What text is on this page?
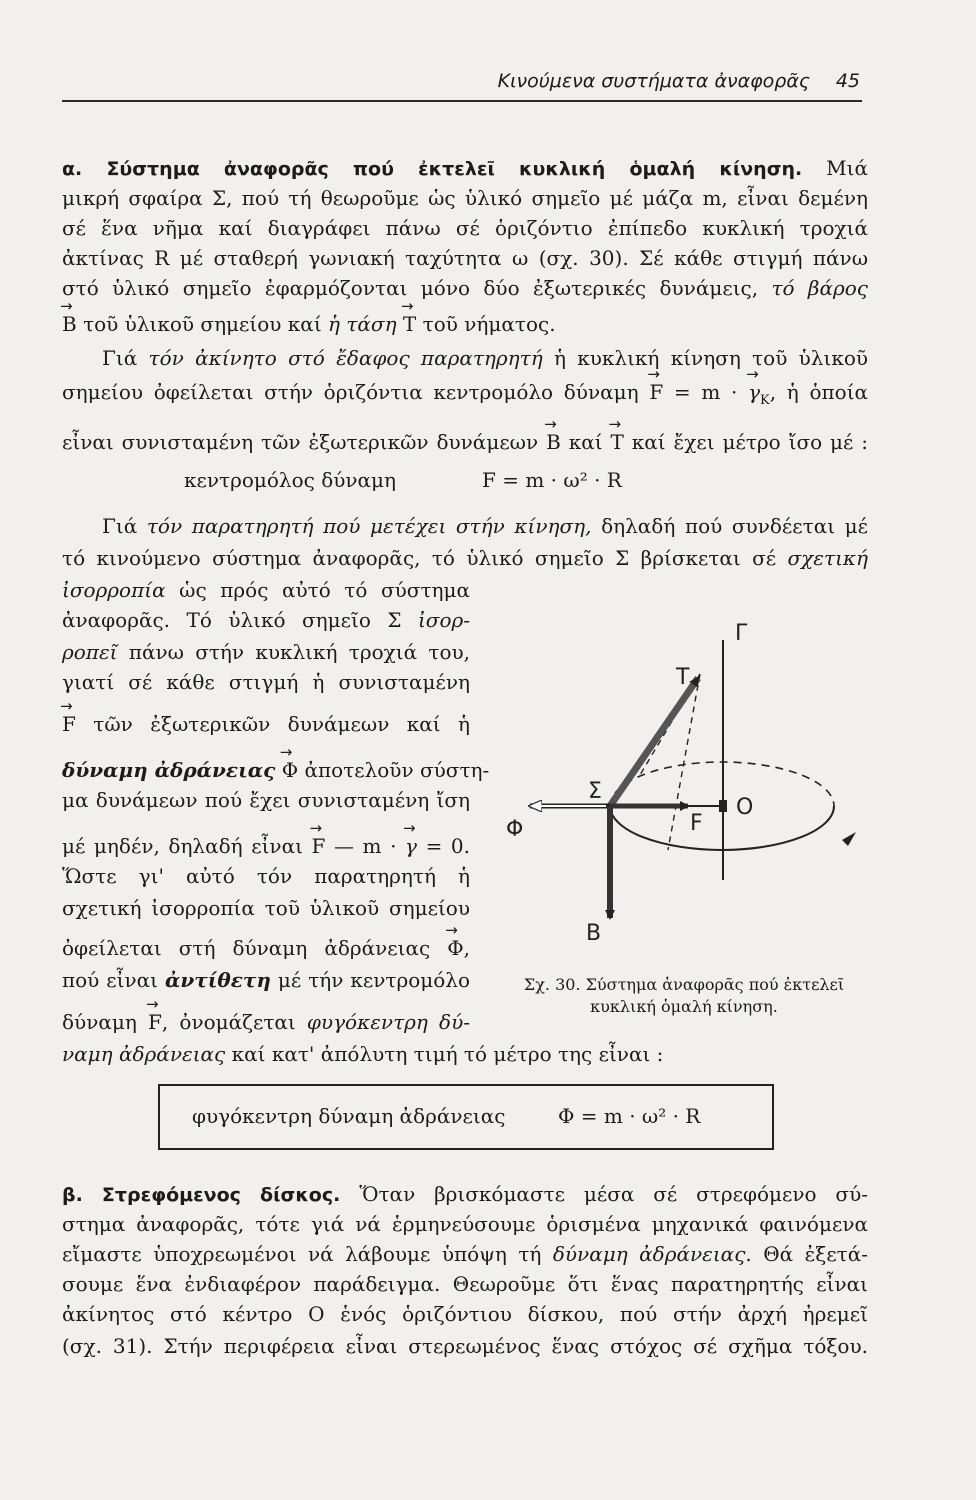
Κινούμενα συστήματα ἀναφορᾶς 45
α. Σύστημα ἀναφορᾶς πού ἐκτελεῖ κυκλική ὁμαλή κίνηση. Μιά
μικρή σφαίρα Σ, πού τή θεωροῦμε ὡς ὑλικό σημεῖο μέ μάζα m, εἶναι δεμένη
σέ ἕνα νῆμα καί διαγράφει πάνω σέ ὁριζόντιο ἐπίπεδο κυκλική τροχιά
ἀκτίνας R μέ σταθερή γωνιακή ταχύτητα ω (σχ. 30). Σέ κάθε στιγμή πάνω
στό ὑλικό σημεῖο ἐφαρμόζονται μόνο δύο ἐξωτερικές δυνάμεις, τό βάρος
→ B τοῦ ὑλικοῦ σημείου καί ἡ τάση → T τοῦ νήματος.
Γιά τόν ἀκίνητο στό ἔδαφος παρατηρητή ἡ κυκλική κίνηση τοῦ ὑλικοῦ
σημείου ὀφείλεται στήν ὁριζόντια κεντρομόλο δύναμη → F = m · → $\gamma_K$, ἡ ὁποία
εἶναι συνισταμένη τῶν ἐξωτερικῶν δυνάμεων → B καί → T καί ἔχει μέτρο ἴσο μέ :
κεντρομόλος δύναμη	F = m · ω² · R
Γιά τόν παρατηρητή πού μετέχει στήν κίνηση, δηλαδή πού συνδέεται μέ
τό κινούμενο σύστημα ἀναφορᾶς, τό ὑλικό σημεῖο Σ βρίσκεται σέ σχετική
ἰσορροπία ὡς πρός αὐτό τό σύστημα
ἀναφορᾶς. Τό ὑλικό σημεῖο Σ ἰσορ-
ροπεῖ πάνω στήν κυκλική τροχιά του,
γιατί σέ κάθε στιγμή ἡ συνισταμένη
→ F τῶν ἐξωτερικῶν δυνάμεων καί ἡ
δύναμη ἀδράνειας → Φ ἀποτελοῦν σύστη-
μα δυνάμεων πού ἔχει συνισταμένη ἴση
μέ μηδέν, δηλαδή εἶναι → F — m · → γ = 0.
Ὥστε γι' αὐτό τόν παρατηρητή ἡ
σχετική ἰσορροπία τοῦ ὑλικοῦ σημείου
ὀφείλεται στή δύναμη ἀδράνειας → Φ,
πού εἶναι ἀντίθετη μέ τήν κεντρομόλο
δύναμη → F, ὀνομάζεται φυγόκεντρη δύ-
ναμη ἀδράνειας καί κατ' ἀπόλυτη τιμή τό μέτρο της εἶναι :
φυγόκεντρη δύναμη ἀδράνειας	Φ = m · ω² · R
Γ
T
Σ
O
F
Φ
B
Σχ. 30. Σύστημα ἀναφορᾶς πού ἐκτελεῖ
κυκλική ὁμαλή κίνηση.
β. Στρεφόμενος δίσκος. Ὅταν βρισκόμαστε μέσα σέ στρεφόμενο σύ-
στημα ἀναφορᾶς, τότε γιά νά ἑρμηνεύσουμε ὁρισμένα μηχανικά φαινόμενα
εἴμαστε ὑποχρεωμένοι νά λάβουμε ὑπόψη τή δύναμη ἀδράνειας. Θά ἐξετά-
σουμε ἕνα ἐνδιαφέρον παράδειγμα. Θεωροῦμε ὅτι ἕνας παρατηρητής εἶναι
ἀκίνητος στό κέντρο Ο ἑνός ὁριζόντιου δίσκου, πού στήν ἀρχή ἠρεμεῖ
(σχ. 31). Στήν περιφέρεια εἶναι στερεωμένος ἕνας στόχος σέ σχῆμα τόξου.
